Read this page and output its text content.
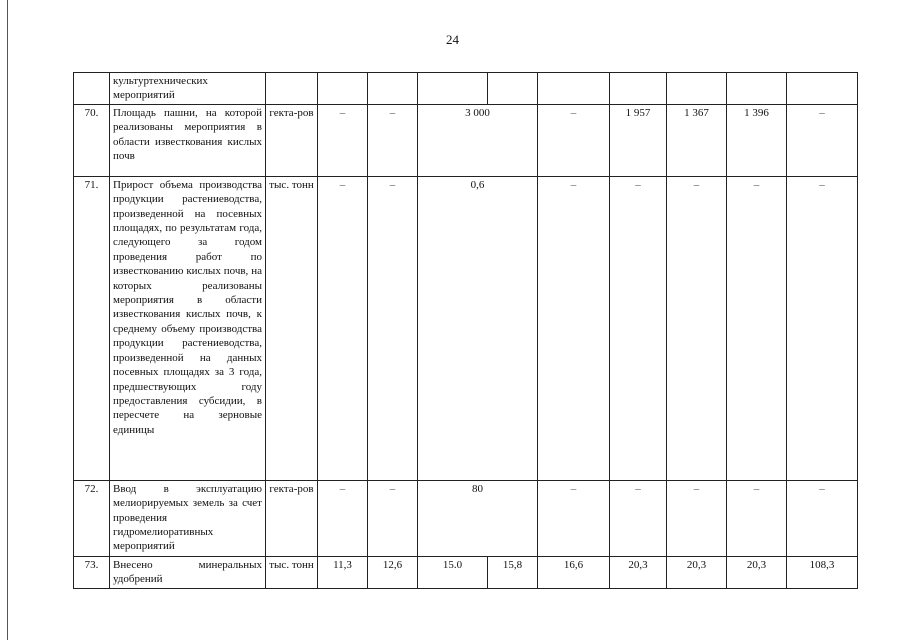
24
	культуртехнических мероприятий											
70.	Площадь пашни, на которой реализованы мероприятия в области известкования кислых почв	гекта-ров	–	–	3 000		–	1 957	1 367	1 396	–	
71.	Прирост объема производства продукции растениеводства, произведенной на посевных площадях, по результатам года, следующего за годом проведения работ по известкованию кислых почв, на которых реализованы мероприятия в области известкования кислых почв, к среднему объему производства продукции растениеводства, произведенной на данных посевных площадях за 3 года, предшествующих году предоставления субсидии, в пересчете на зерновые единицы	тыс. тонн	–	–	0,6		–	–	–	–	–	
72.	Ввод в эксплуатацию мелиорируемых земель за счет проведения гидромелиоративных мероприятий	гекта-ров	–	–	80		–	–	–	–	–	
73.	Внесено минеральных удобрений	тыс. тонн	11,3	12,6	15.0	15,8	16,6	20,3	20,3	20,3	108,3	
